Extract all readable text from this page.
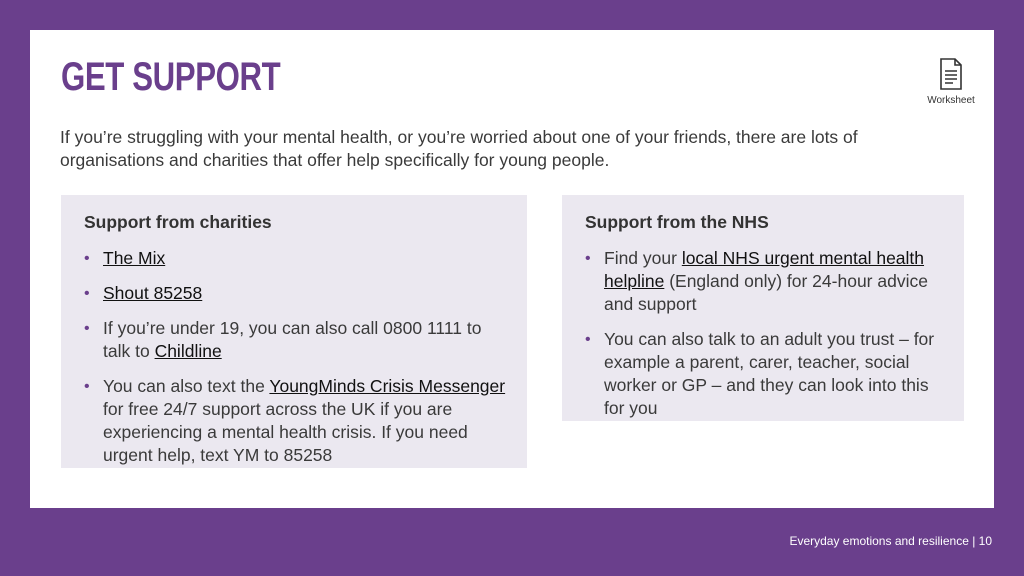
GET SUPPORT
Worksheet

If you’re struggling with your mental health, or you’re worried about one of your friends, there are lots of organisations and charities that offer help specifically for young people.

Support from charities
• The Mix
• Shout 85258
• If you’re under 19, you can also call 0800 1111 to talk to Childline
• You can also text the YoungMinds Crisis Messenger for free 24/7 support across the UK if you are experiencing a mental health crisis. If you need urgent help, text YM to 85258
Support from the NHS
• Find your local NHS urgent mental health helpline (England only) for 24-hour advice and support
• You can also talk to an adult you trust – for example a parent, carer, teacher, social worker or GP – and they can look into this for you
Everyday emotions and resilience | 10
